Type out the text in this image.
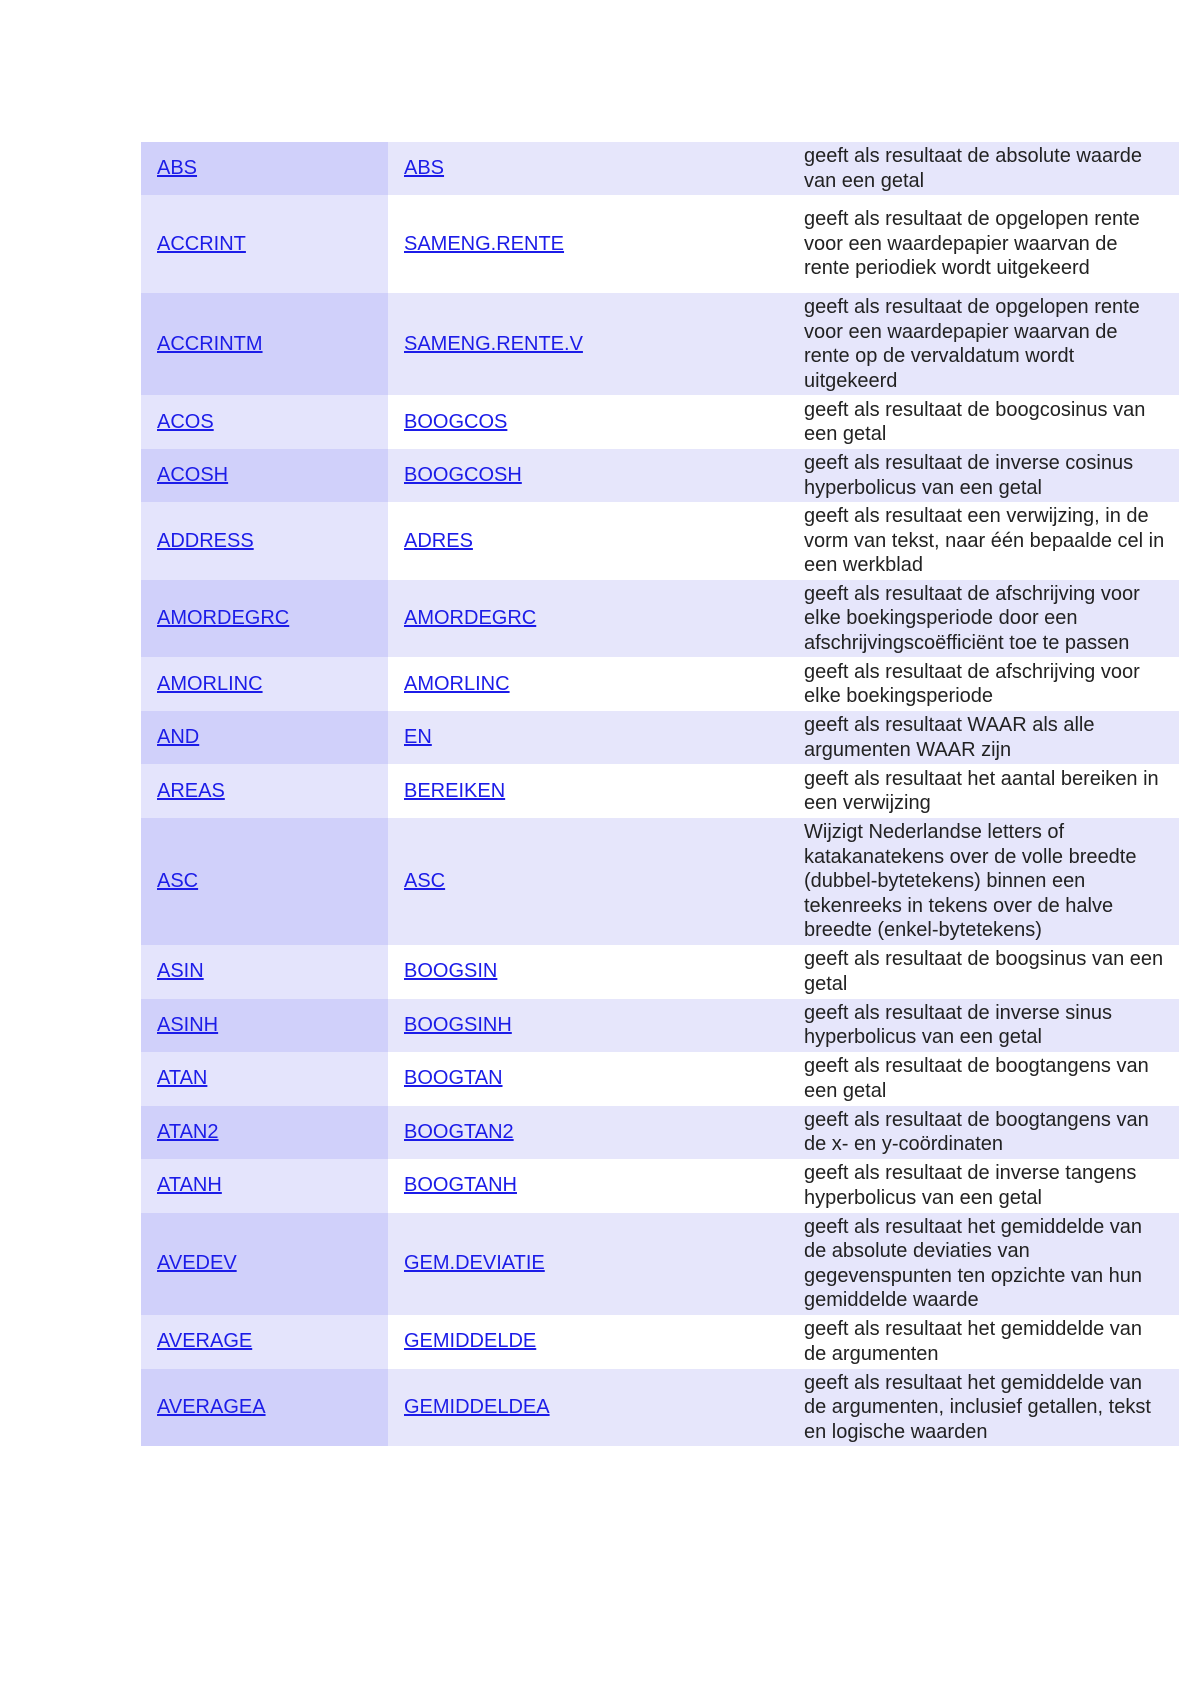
ABS	ABS	geeft als resultaat de absolute waarde van een getal

ACCRINT	SAMENG.RENTE	geeft als resultaat de opgelopen rente voor een waardepapier waarvan de rente periodiek wordt uitgekeerd

ACCRINTM	SAMENG.RENTE.V	geeft als resultaat de opgelopen rente voor een waardepapier waarvan de rente op de vervaldatum wordt uitgekeerd

ACOS	BOOGCOS	geeft als resultaat de boogcosinus van een getal

ACOSH	BOOGCOSH	geeft als resultaat de inverse cosinus hyperbolicus van een getal

ADDRESS	ADRES	geeft als resultaat een verwijzing, in de vorm van tekst, naar één bepaalde cel in een werkblad

AMORDEGRC	AMORDEGRC	geeft als resultaat de afschrijving voor elke boekingsperiode door een afschrijvingscoëfficiënt toe te passen

AMORLINC	AMORLINC	geeft als resultaat de afschrijving voor elke boekingsperiode

AND	EN	geeft als resultaat WAAR als alle argumenten WAAR zijn

AREAS	BEREIKEN	geeft als resultaat het aantal bereiken in een verwijzing

ASC	ASC	Wijzigt Nederlandse letters of katakanatekens over de volle breedte (dubbel-bytetekens) binnen een tekenreeks in tekens over de halve breedte (enkel-bytetekens)

ASIN	BOOGSIN	geeft als resultaat de boogsinus van een getal

ASINH	BOOGSINH	geeft als resultaat de inverse sinus hyperbolicus van een getal

ATAN	BOOGTAN	geeft als resultaat de boogtangens van een getal

ATAN2	BOOGTAN2	geeft als resultaat de boogtangens van de x- en y-coördinaten

ATANH	BOOGTANH	geeft als resultaat de inverse tangens hyperbolicus van een getal

AVEDEV	GEM.DEVIATIE	geeft als resultaat het gemiddelde van de absolute deviaties van gegevenspunten ten opzichte van hun gemiddelde waarde

AVERAGE	GEMIDDELDE	geeft als resultaat het gemiddelde van de argumenten

AVERAGEA	GEMIDDELDEA	geeft als resultaat het gemiddelde van de argumenten, inclusief getallen, tekst en logische waarden
